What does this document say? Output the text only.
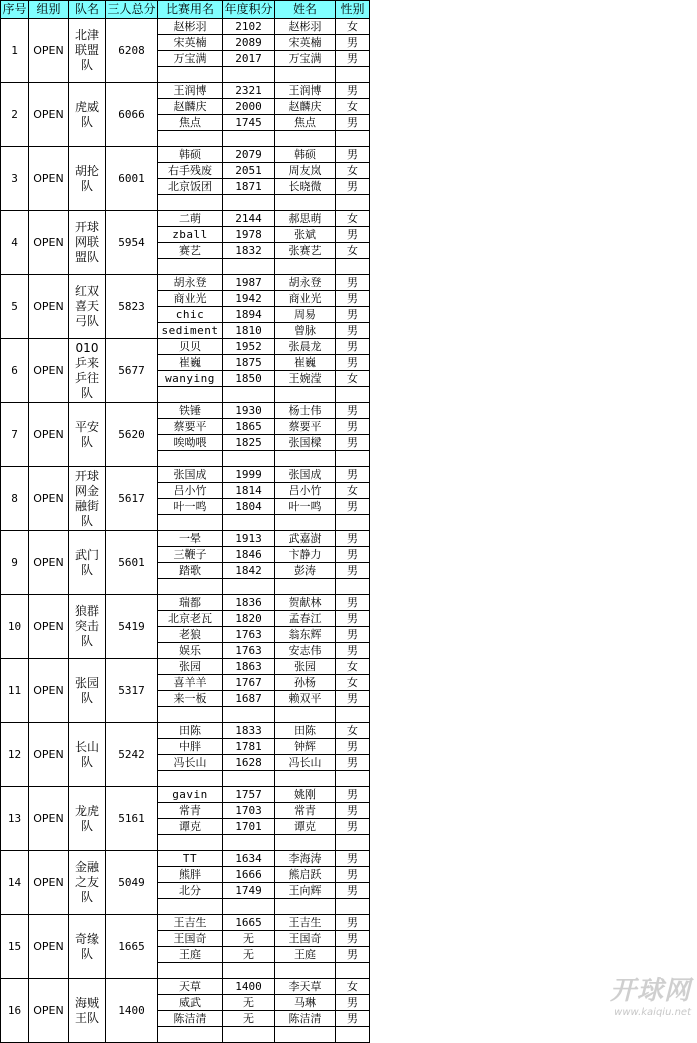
序号	组别	队名	三人总分	比赛用名	年度积分	姓名	性别
1	OPEN	北津联盟队	6208	赵彬羽	2102	赵彬羽	女
				宋英楠	2089	宋英楠	男
				万宝满	2017	万宝满	男

2	OPEN	虎威队	6066	王润博	2321	王润博	男
				赵麟庆	2000	赵麟庆	女
				焦点	1745	焦点	男

3	OPEN	胡抡队	6001	韩硕	2079	韩硕	男
				右手残废	2051	周友岚	女
				北京饭团	1871	长晓微	男

4	OPEN	开球网联盟队	5954	二萌	2144	郝思萌	女
				zball	1978	张斌	男
				赛艺	1832	张赛艺	女

5	OPEN	红双喜天弓队	5823	胡永登	1987	胡永登	男
				商业光	1942	商业光	男
				chic	1894	周易	男
				sediment	1810	曾脉	男
6	OPEN	010乒来乒往队	5677	贝贝	1952	张晨龙	男
				崔巍	1875	崔巍	男
				wanying	1850	王婉滢	女

7	OPEN	平安队	5620	铁锤	1930	杨士伟	男
				蔡要平	1865	蔡要平	男
				唉呦喂	1825	张国樑	男

8	OPEN	开球网金融街队	5617	张国成	1999	张国成	男
				吕小竹	1814	吕小竹	女
				叶一鸣	1804	叶一鸣	男

9	OPEN	武门队	5601	一晕	1913	武嘉澍	男
				三鞭子	1846	卞静力	男
				踏歌	1842	彭涛	男

10	OPEN	狼群突击队	5419	瑞都	1836	贺献林	男
				北京老瓦	1820	孟春江	男
				老狼	1763	翁东辉	男
				娱乐	1763	安志伟	男
11	OPEN	张园队	5317	张园	1863	张园	女
				喜羊羊	1767	孙杨	女
				来一板	1687	赖双平	男

12	OPEN	长山队	5242	田陈	1833	田陈	女
				中胖	1781	钟辉	男
				冯长山	1628	冯长山	男

13	OPEN	龙虎队	5161	gavin	1757	姚刚	男
				常青	1703	常青	男
				谭克	1701	谭克	男

14	OPEN	金融之友队	5049	TT	1634	李海涛	男
				熊胖	1666	熊启跃	男
				北分	1749	王向辉	男

15	OPEN	奇缘队	1665	王吉生	1665	王吉生	男
				王国奇	无	王国奇	男
				王庭	无	王庭	男

16	OPEN	海贼王队	1400	天草	1400	李天草	女
				威武	无	马琳	男
				陈洁清	无	陈洁清	男

开球网
www.kaiqiu.net
